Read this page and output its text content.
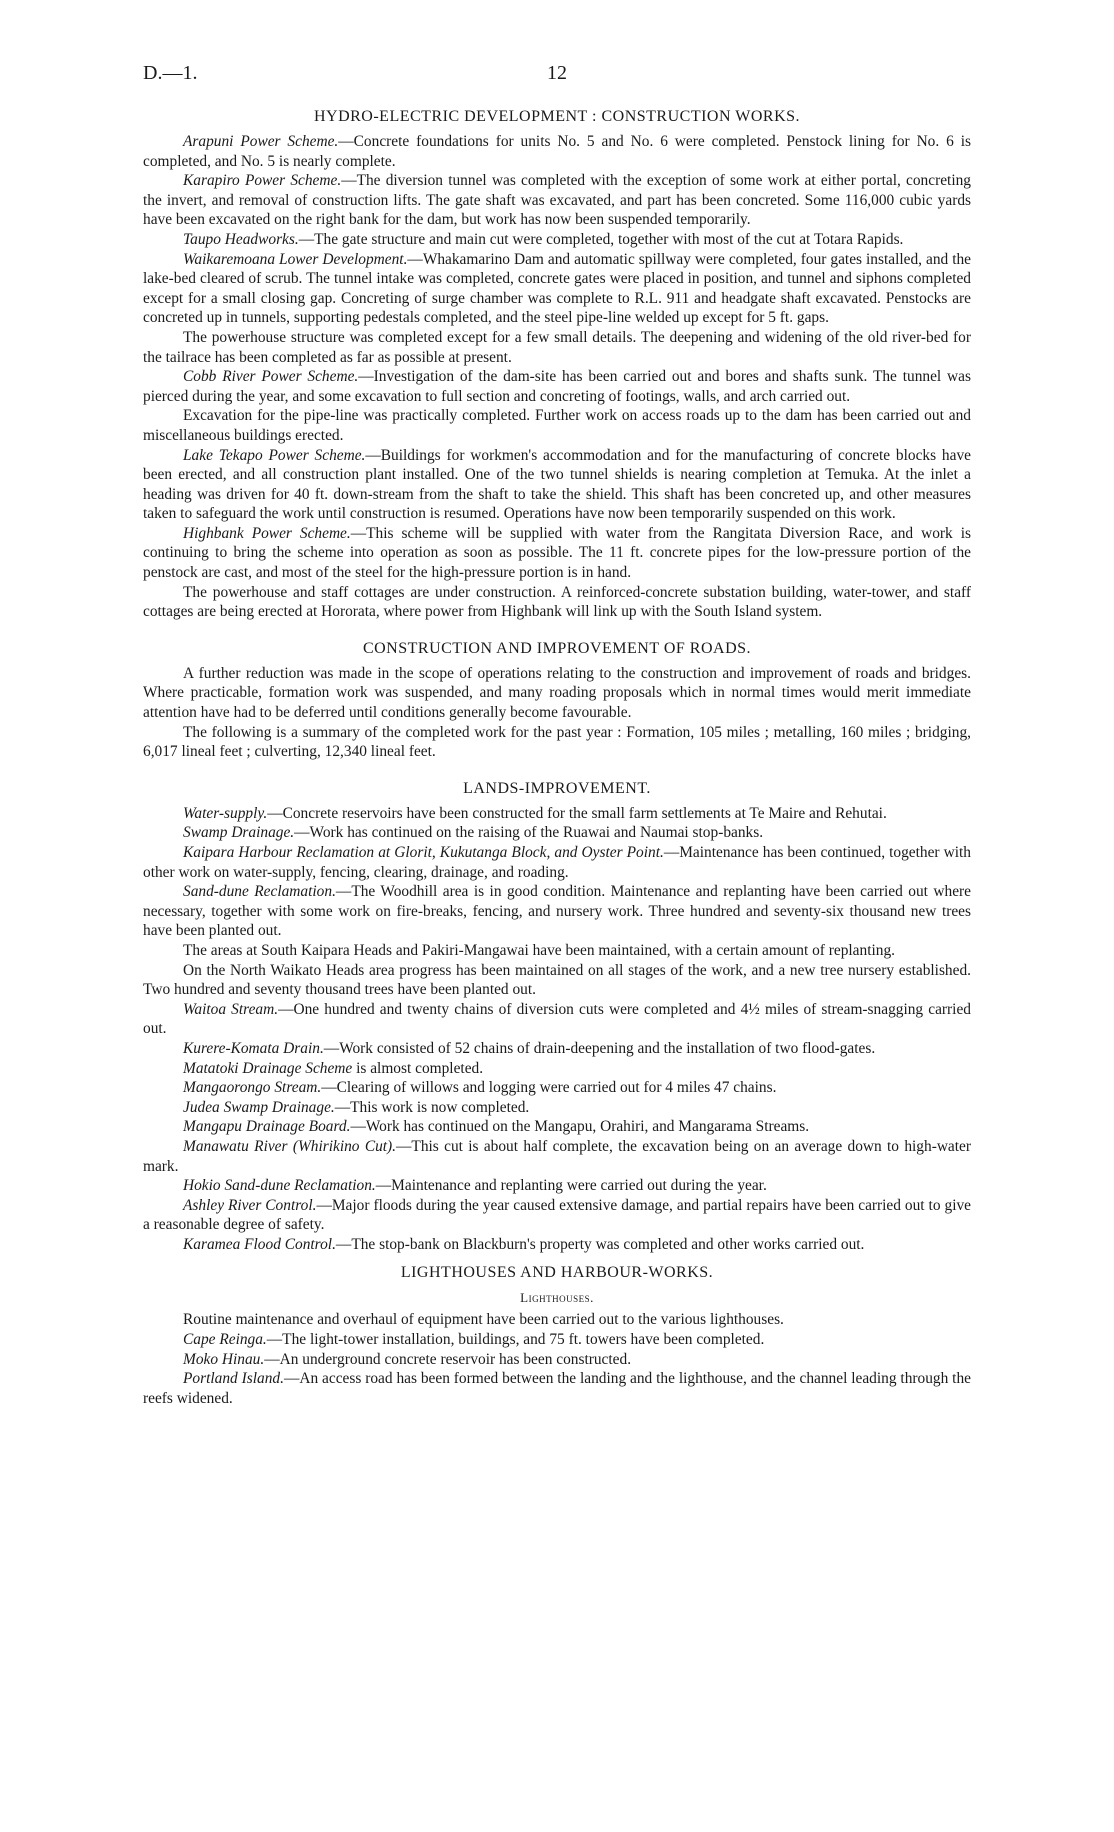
D.—1.	12
HYDRO-ELECTRIC DEVELOPMENT : CONSTRUCTION WORKS.

Arapuni Power Scheme.—Concrete foundations for units No. 5 and No. 6 were completed. Penstock lining for No. 6 is completed, and No. 5 is nearly complete.

Karapiro Power Scheme.—The diversion tunnel was completed with the exception of some work at either portal, concreting the invert, and removal of construction lifts. The gate shaft was excavated, and part has been concreted. Some 116,000 cubic yards have been excavated on the right bank for the dam, but work has now been suspended temporarily.

Taupo Headworks.—The gate structure and main cut were completed, together with most of the cut at Totara Rapids.

Waikaremoana Lower Development.—Whakamarino Dam and automatic spillway were completed, four gates installed, and the lake-bed cleared of scrub. The tunnel intake was completed, concrete gates were placed in position, and tunnel and siphons completed except for a small closing gap. Concreting of surge chamber was complete to R.L. 911 and headgate shaft excavated. Penstocks are concreted up in tunnels, supporting pedestals completed, and the steel pipe-line welded up except for 5 ft. gaps.

The powerhouse structure was completed except for a few small details. The deepening and widening of the old river-bed for the tailrace has been completed as far as possible at present.

Cobb River Power Scheme.—Investigation of the dam-site has been carried out and bores and shafts sunk. The tunnel was pierced during the year, and some excavation to full section and concreting of footings, walls, and arch carried out.

Excavation for the pipe-line was practically completed. Further work on access roads up to the dam has been carried out and miscellaneous buildings erected.

Lake Tekapo Power Scheme.—Buildings for workmen's accommodation and for the manufacturing of concrete blocks have been erected, and all construction plant installed. One of the two tunnel shields is nearing completion at Temuka. At the inlet a heading was driven for 40 ft. down-stream from the shaft to take the shield. This shaft has been concreted up, and other measures taken to safeguard the work until construction is resumed. Operations have now been temporarily suspended on this work.

Highbank Power Scheme.—This scheme will be supplied with water from the Rangitata Diversion Race, and work is continuing to bring the scheme into operation as soon as possible. The 11 ft. concrete pipes for the low-pressure portion of the penstock are cast, and most of the steel for the high-pressure portion is in hand.

The powerhouse and staff cottages are under construction. A reinforced-concrete substation building, water-tower, and staff cottages are being erected at Hororata, where power from Highbank will link up with the South Island system.

CONSTRUCTION AND IMPROVEMENT OF ROADS.

A further reduction was made in the scope of operations relating to the construction and improvement of roads and bridges. Where practicable, formation work was suspended, and many roading proposals which in normal times would merit immediate attention have had to be deferred until conditions generally become favourable.

The following is a summary of the completed work for the past year : Formation, 105 miles ; metalling, 160 miles ; bridging, 6,017 lineal feet ; culverting, 12,340 lineal feet.

LANDS-IMPROVEMENT.

Water-supply.—Concrete reservoirs have been constructed for the small farm settlements at Te Maire and Rehutai.

Swamp Drainage.—Work has continued on the raising of the Ruawai and Naumai stop-banks.

Kaipara Harbour Reclamation at Glorit, Kukutanga Block, and Oyster Point.—Maintenance has been continued, together with other work on water-supply, fencing, clearing, drainage, and roading.

Sand-dune Reclamation.—The Woodhill area is in good condition. Maintenance and replanting have been carried out where necessary, together with some work on fire-breaks, fencing, and nursery work. Three hundred and seventy-six thousand new trees have been planted out.

The areas at South Kaipara Heads and Pakiri-Mangawai have been maintained, with a certain amount of replanting.

On the North Waikato Heads area progress has been maintained on all stages of the work, and a new tree nursery established. Two hundred and seventy thousand trees have been planted out.

Waitoa Stream.—One hundred and twenty chains of diversion cuts were completed and 4½ miles of stream-snagging carried out.

Kurere-Komata Drain.—Work consisted of 52 chains of drain-deepening and the installation of two flood-gates.

Matatoki Drainage Scheme is almost completed.

Mangaorongo Stream.—Clearing of willows and logging were carried out for 4 miles 47 chains.

Judea Swamp Drainage.—This work is now completed.

Mangapu Drainage Board.—Work has continued on the Mangapu, Orahiri, and Mangarama Streams.

Manawatu River (Whirikino Cut).—This cut is about half complete, the excavation being on an average down to high-water mark.

Hokio Sand-dune Reclamation.—Maintenance and replanting were carried out during the year.

Ashley River Control.—Major floods during the year caused extensive damage, and partial repairs have been carried out to give a reasonable degree of safety.

Karamea Flood Control.—The stop-bank on Blackburn's property was completed and other works carried out.

LIGHTHOUSES AND HARBOUR-WORKS.
Lighthouses.

Routine maintenance and overhaul of equipment have been carried out to the various lighthouses.

Cape Reinga.—The light-tower installation, buildings, and 75 ft. towers have been completed.

Moko Hinau.—An underground concrete reservoir has been constructed.

Portland Island.—An access road has been formed between the landing and the lighthouse, and the channel leading through the reefs widened.
